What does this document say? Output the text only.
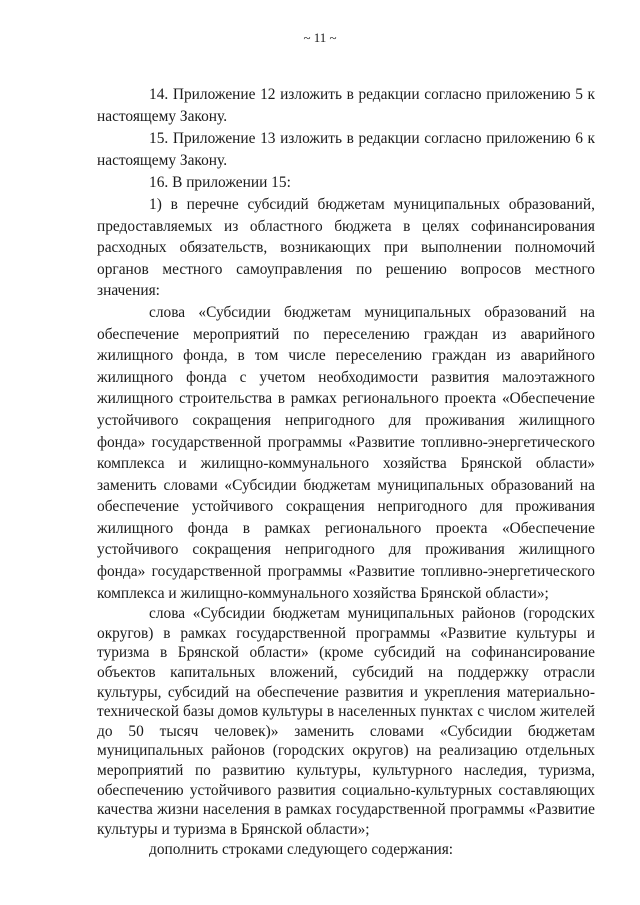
~ 11 ~

14. Приложение 12 изложить в редакции согласно приложению 5 к настоящему Закону.

15. Приложение 13 изложить в редакции согласно приложению 6 к настоящему Закону.

16. В приложении 15:

1) в перечне субсидий бюджетам муниципальных образований, предоставляемых из областного бюджета в целях софинансирования расходных обязательств, возникающих при выполнении полномочий органов местного самоуправления по решению вопросов местного значения:

слова «Субсидии бюджетам муниципальных образований на обеспечение мероприятий по переселению граждан из аварийного жилищного фонда, в том числе переселению граждан из аварийного жилищного фонда с учетом необходимости развития малоэтажного жилищного строительства в рамках регионального проекта «Обеспечение устойчивого сокращения непригодного для проживания жилищного фонда» государственной программы «Развитие топливно-энергетического комплекса и жилищно-коммунального хозяйства Брянской области» заменить словами «Субсидии бюджетам муниципальных образований на обеспечение устойчивого сокращения непригодного для проживания жилищного фонда в рамках регионального проекта «Обеспечение устойчивого сокращения непригодного для проживания жилищного фонда» государственной программы «Развитие топливно-энергетического комплекса и жилищно-коммунального хозяйства Брянской области»;

слова «Субсидии бюджетам муниципальных районов (городских округов) в рамках государственной программы «Развитие культуры и туризма в Брянской области» (кроме субсидий на софинансирование объектов капитальных вложений, субсидий на поддержку отрасли культуры, субсидий на обеспечение развития и укрепления материально-технической базы домов культуры в населенных пунктах с числом жителей до 50 тысяч человек)» заменить словами «Субсидии бюджетам муниципальных районов (городских округов) на реализацию отдельных мероприятий по развитию культуры, культурного наследия, туризма, обеспечению устойчивого развития социально-культурных составляющих качества жизни населения в рамках государственной программы «Развитие культуры и туризма в Брянской области»;

дополнить строками следующего содержания:
